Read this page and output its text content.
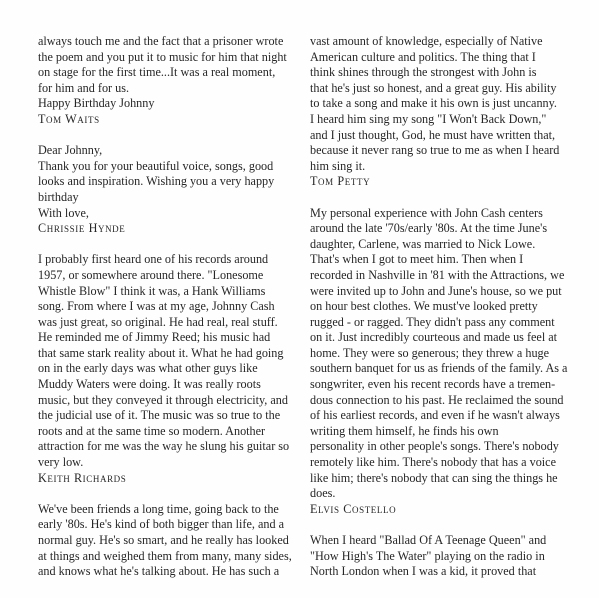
always touch me and the fact that a prisoner wrote
the poem and you put it to music for him that night
on stage for the first time...It was a real moment,
for him and for us.
Happy Birthday Johnny
Tom Waits
Dear Johnny,
Thank you for your beautiful voice, songs, good
looks and inspiration. Wishing you a very happy
birthday
With love,
Chrissie Hynde
I probably first heard one of his records around
1957, or somewhere around there. "Lonesome
Whistle Blow" I think it was, a Hank Williams
song. From where I was at my age, Johnny Cash
was just great, so original. He had real, real stuff.
He reminded me of Jimmy Reed; his music had
that same stark reality about it. What he had going
on in the early days was what other guys like
Muddy Waters were doing. It was really roots
music, but they conveyed it through electricity, and
the judicial use of it. The music was so true to the
roots and at the same time so modern. Another
attraction for me was the way he slung his guitar so
very low.
Keith Richards
We've been friends a long time, going back to the
early '80s. He's kind of both bigger than life, and a
normal guy. He's so smart, and he really has looked
at things and weighed them from many, many sides,
and knows what he's talking about. He has such a
vast amount of knowledge, especially of Native
American culture and politics. The thing that I
think shines through the strongest with John is
that he's just so honest, and a great guy. His ability
to take a song and make it his own is just uncanny.
I heard him sing my song "I Won't Back Down,"
and I just thought, God, he must have written that,
because it never rang so true to me as when I heard
him sing it.
Tom Petty
My personal experience with John Cash centers
around the late '70s/early '80s. At the time June's
daughter, Carlene, was married to Nick Lowe.
That's when I got to meet him. Then when I
recorded in Nashville in '81 with the Attractions, we
were invited up to John and June's house, so we put
on hour best clothes. We must've looked pretty
rugged - or ragged. They didn't pass any comment
on it. Just incredibly courteous and made us feel at
home. They were so generous; they threw a huge
southern banquet for us as friends of the family. As a
songwriter, even his recent records have a tremen-
dous connection to his past. He reclaimed the sound
of his earliest records, and even if he wasn't always
writing them himself, he finds his own
personality in other people's songs. There's nobody
remotely like him. There's nobody that has a voice
like him; there's nobody that can sing the things he
does.
Elvis Costello
When I heard "Ballad Of A Teenage Queen" and
"How High's The Water" playing on the radio in
North London when I was a kid, it proved that
